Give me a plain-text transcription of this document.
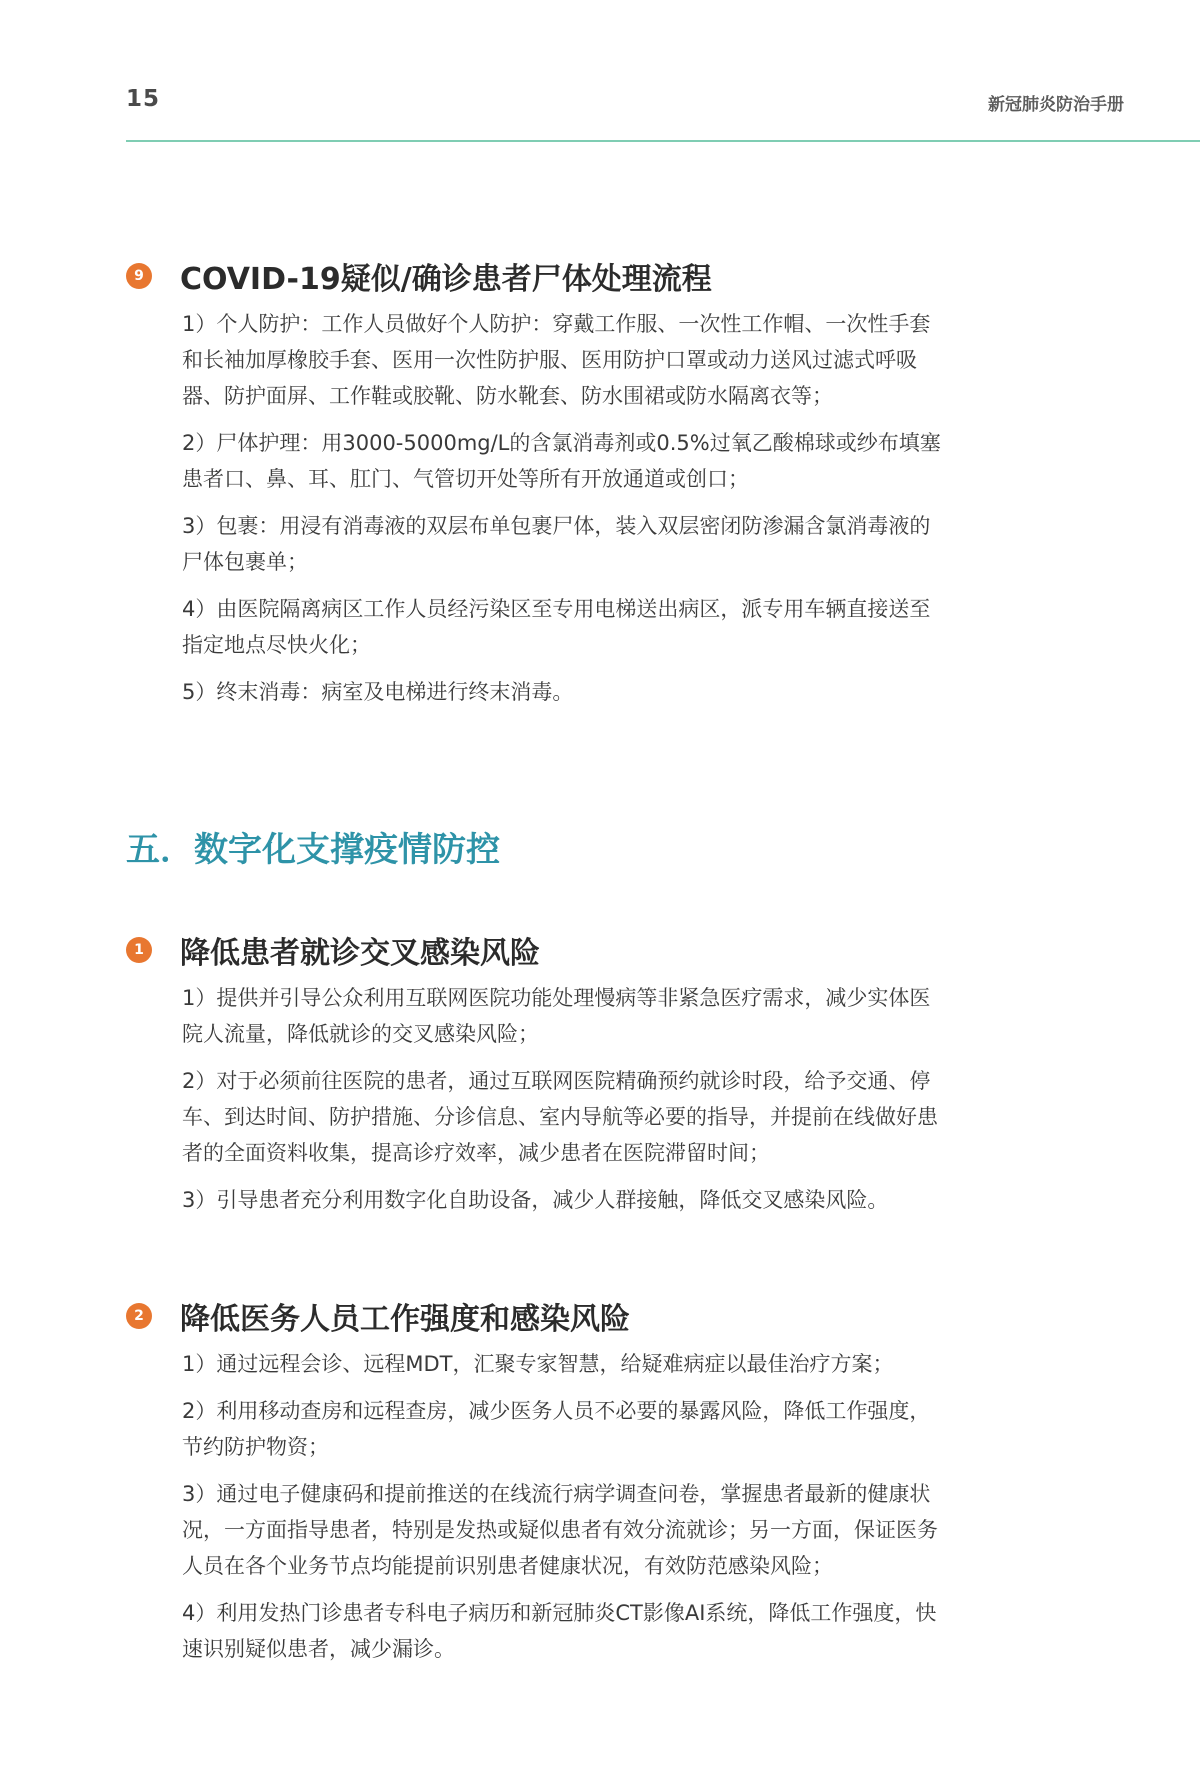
15	新冠肺炎防治手册
9 COVID-19疑似/确诊患者尸体处理流程

1）个人防护：工作人员做好个人防护：穿戴工作服、一次性工作帽、一次性手套和长袖加厚橡胶手套、医用一次性防护服、医用防护口罩或动力送风过滤式呼吸器、防护面屏、工作鞋或胶靴、防水靴套、防水围裙或防水隔离衣等；

2）尸体护理：用3000-5000mg/L的含氯消毒剂或0.5%过氧乙酸棉球或纱布填塞患者口、鼻、耳、肛门、气管切开处等所有开放通道或创口；

3）包裹：用浸有消毒液的双层布单包裹尸体，装入双层密闭防渗漏含氯消毒液的尸体包裹单；

4）由医院隔离病区工作人员经污染区至专用电梯送出病区，派专用车辆直接送至指定地点尽快火化；

5）终末消毒：病室及电梯进行终末消毒。

五．数字化支撑疫情防控
1 降低患者就诊交叉感染风险

1）提供并引导公众利用互联网医院功能处理慢病等非紧急医疗需求，减少实体医院人流量，降低就诊的交叉感染风险；

2）对于必须前往医院的患者，通过互联网医院精确预约就诊时段，给予交通、停车、到达时间、防护措施、分诊信息、室内导航等必要的指导，并提前在线做好患者的全面资料收集，提高诊疗效率，减少患者在医院滞留时间；

3）引导患者充分利用数字化自助设备，减少人群接触，降低交叉感染风险。

2 降低医务人员工作强度和感染风险

1）通过远程会诊、远程MDT，汇聚专家智慧，给疑难病症以最佳治疗方案；

2）利用移动查房和远程查房，减少医务人员不必要的暴露风险，降低工作强度，节约防护物资；

3）通过电子健康码和提前推送的在线流行病学调查问卷，掌握患者最新的健康状况，一方面指导患者，特别是发热或疑似患者有效分流就诊；另一方面，保证医务人员在各个业务节点均能提前识别患者健康状况，有效防范感染风险；

4）利用发热门诊患者专科电子病历和新冠肺炎CT影像AI系统，降低工作强度，快速识别疑似患者，减少漏诊。
